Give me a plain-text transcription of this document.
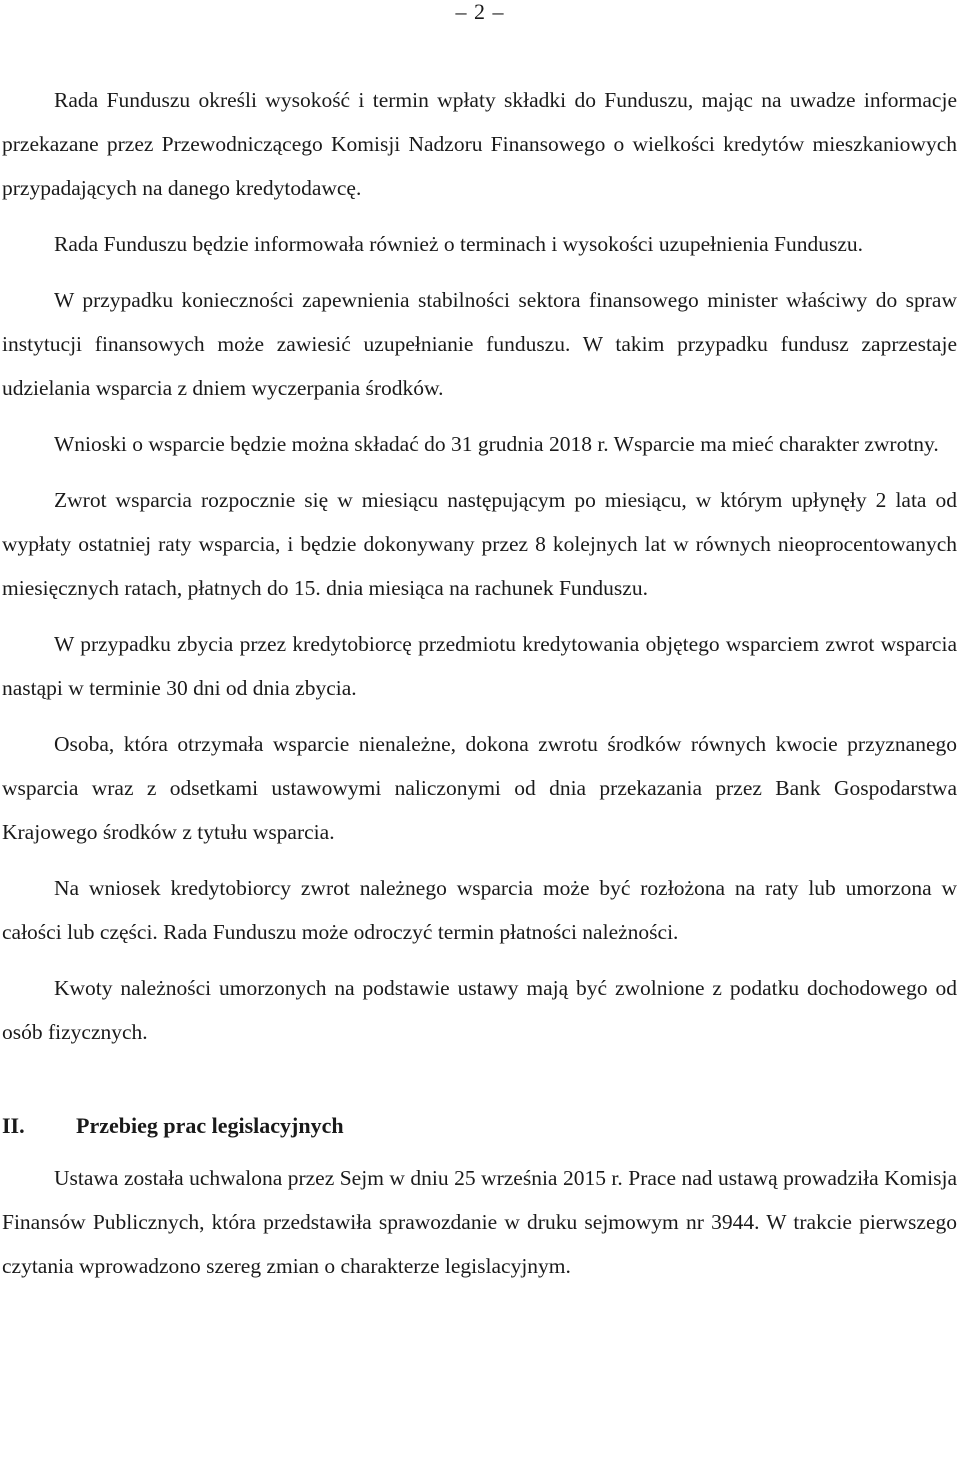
– 2 –

Rada Funduszu określi wysokość i termin wpłaty składki do Funduszu, mając na uwadze informacje przekazane przez Przewodniczącego Komisji Nadzoru Finansowego o wielkości kredytów mieszkaniowych przypadających na danego kredytodawcę.

Rada Funduszu będzie informowała również o terminach i wysokości uzupełnienia Funduszu.

W przypadku konieczności zapewnienia stabilności sektora finansowego minister właściwy do spraw instytucji finansowych może zawiesić uzupełnianie funduszu. W takim przypadku fundusz zaprzestaje udzielania wsparcia z dniem wyczerpania środków.

Wnioski o wsparcie będzie można składać do 31 grudnia 2018 r. Wsparcie ma mieć charakter zwrotny.

Zwrot wsparcia rozpocznie się w miesiącu następującym po miesiącu, w którym upłynęły 2 lata od wypłaty ostatniej raty wsparcia, i będzie dokonywany przez 8 kolejnych lat w równych nieoprocentowanych miesięcznych ratach, płatnych do 15. dnia miesiąca na rachunek Funduszu.

W przypadku zbycia przez kredytobiorcę przedmiotu kredytowania objętego wsparciem zwrot wsparcia nastąpi w terminie 30 dni od dnia zbycia.

Osoba, która otrzymała wsparcie nienależne, dokona zwrotu środków równych kwocie przyznanego wsparcia wraz z odsetkami ustawowymi naliczonymi od dnia przekazania przez Bank Gospodarstwa Krajowego środków z tytułu wsparcia.

Na wniosek kredytobiorcy zwrot należnego wsparcia może być rozłożona na raty lub umorzona w całości lub części. Rada Funduszu może odroczyć termin płatności należności.

Kwoty należności umorzonych na podstawie ustawy mają być zwolnione z podatku dochodowego od osób fizycznych.

II.	Przebieg prac legislacyjnych

Ustawa została uchwalona przez Sejm w dniu 25 września 2015 r. Prace nad ustawą prowadziła Komisja Finansów Publicznych, która przedstawiła sprawozdanie w druku sejmowym nr 3944. W trakcie pierwszego czytania wprowadzono szereg zmian o charakterze legislacyjnym.
